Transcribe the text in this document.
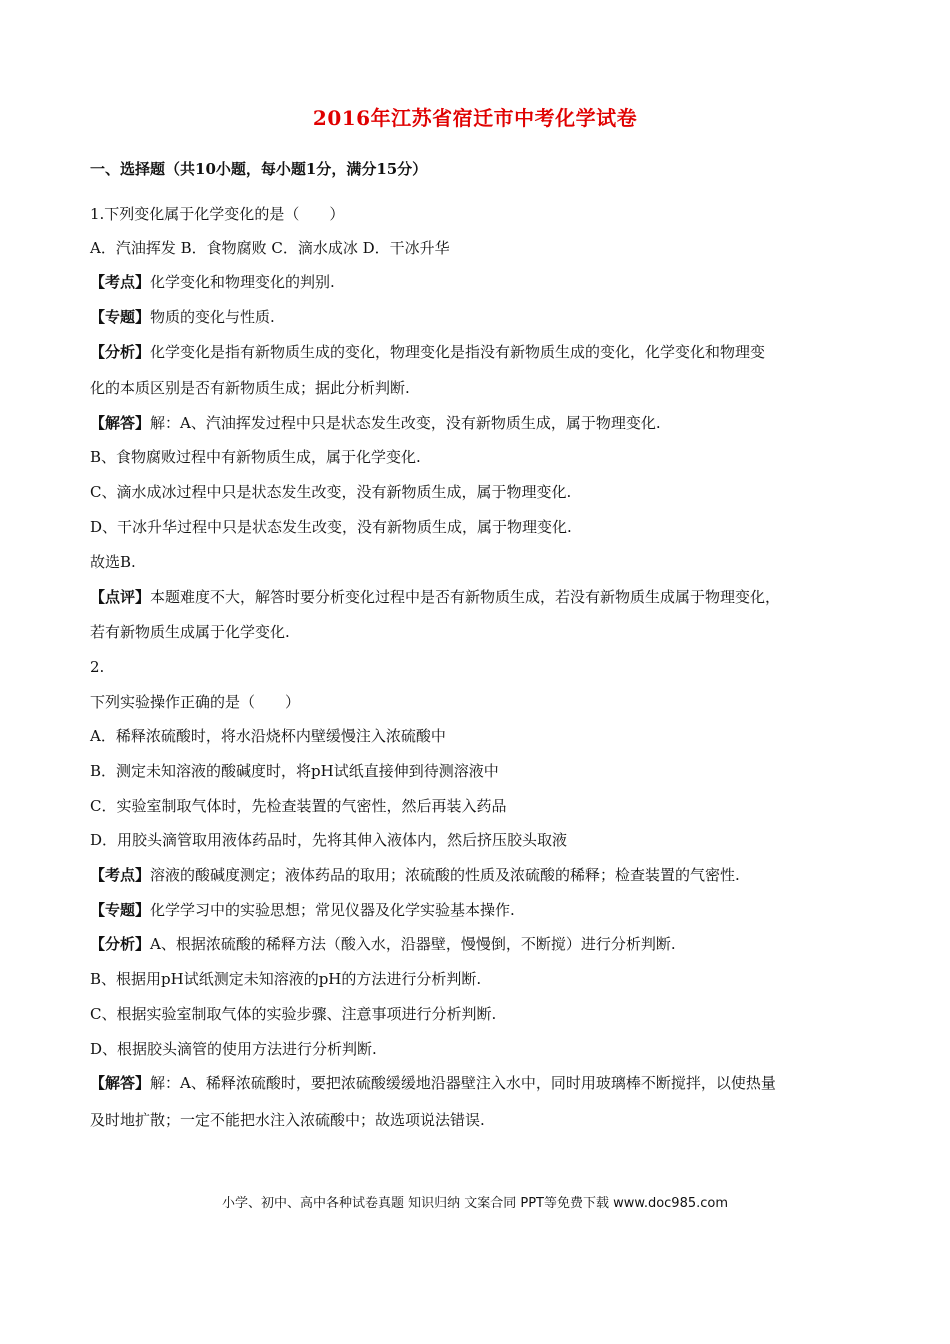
2016年江苏省宿迁市中考化学试卷
一、选择题（共10小题，每小题1分，满分15分）
1.下列变化属于化学变化的是（　　）
A．汽油挥发 B．食物腐败 C．滴水成冰 D．干冰升华
【考点】化学变化和物理变化的判别.
【专题】物质的变化与性质.
【分析】化学变化是指有新物质生成的变化，物理变化是指没有新物质生成的变化，化学变化和物理变
化的本质区别是否有新物质生成；据此分析判断.
【解答】解：A、汽油挥发过程中只是状态发生改变，没有新物质生成，属于物理变化.
B、食物腐败过程中有新物质生成，属于化学变化.
C、滴水成冰过程中只是状态发生改变，没有新物质生成，属于物理变化.
D、干冰升华过程中只是状态发生改变，没有新物质生成，属于物理变化.
故选B.
【点评】本题难度不大，解答时要分析变化过程中是否有新物质生成，若没有新物质生成属于物理变化，
若有新物质生成属于化学变化.
2.
下列实验操作正确的是（　　）
A．稀释浓硫酸时，将水沿烧杯内壁缓慢注入浓硫酸中
B．测定未知溶液的酸碱度时，将pH试纸直接伸到待测溶液中
C．实验室制取气体时，先检查装置的气密性，然后再装入药品
D．用胶头滴管取用液体药品时，先将其伸入液体内，然后挤压胶头取液
【考点】溶液的酸碱度测定；液体药品的取用；浓硫酸的性质及浓硫酸的稀释；检查装置的气密性.
【专题】化学学习中的实验思想；常见仪器及化学实验基本操作.
【分析】A、根据浓硫酸的稀释方法（酸入水，沿器壁，慢慢倒，不断搅）进行分析判断.
B、根据用pH试纸测定未知溶液的pH的方法进行分析判断.
C、根据实验室制取气体的实验步骤、注意事项进行分析判断.
D、根据胶头滴管的使用方法进行分析判断.
【解答】解：A、稀释浓硫酸时，要把浓硫酸缓缓地沿器壁注入水中，同时用玻璃棒不断搅拌，以使热量
及时地扩散；一定不能把水注入浓硫酸中；故选项说法错误.
小学、初中、高中各种试卷真题 知识归纳 文案合同 PPT等免费下载 www.doc985.com
